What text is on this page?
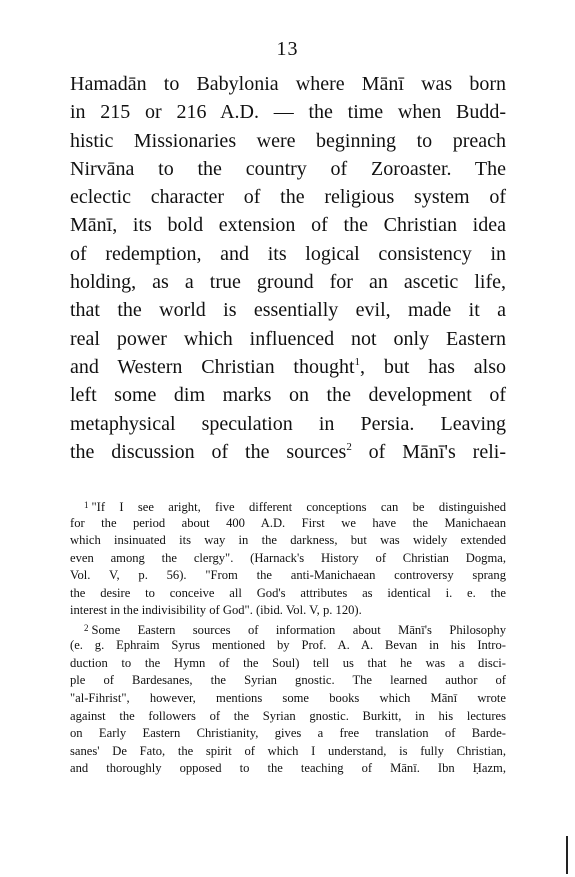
13
Hamadān to Babylonia where Mānī was born
in 215 or 216 A.D. — the time when Budd-
histic Missionaries were beginning to preach
Nirvāna to the country of Zoroaster. The
eclectic character of the religious system of
Mānī, its bold extension of the Christian idea
of redemption, and its logical consistency in
holding, as a true ground for an ascetic life,
that the world is essentially evil, made it a
real power which influenced not only Eastern
and Western Christian thought$^1$, but has also
left some dim marks on the development of
metaphysical speculation in Persia. Leaving
the discussion of the sources$^2$ of Mānī's reli-
$^1$ "If I see aright, five different conceptions can be distinguished
for the period about 400 A.D. First we have the Manichaean
which insinuated its way in the darkness, but was widely extended
even among the clergy". (Harnack's History of Christian Dogma,
Vol. V, p. 56). "From the anti-Manichaean controversy sprang
the desire to conceive all God's attributes as identical i. e. the
interest in the indivisibility of God". (ibid. Vol. V, p. 120).
$^2$ Some Eastern sources of information about Mānī's Philosophy
(e. g. Ephraim Syrus mentioned by Prof. A. A. Bevan in his Intro-
duction to the Hymn of the Soul) tell us that he was a disci-
ple of Bardesanes, the Syrian gnostic. The learned author of
"al-Fihrist", however, mentions some books which Mānī wrote
against the followers of the Syrian gnostic. Burkitt, in his lectures
on Early Eastern Christianity, gives a free translation of Barde-
sanes' De Fato, the spirit of which I understand, is fully Christian,
and thoroughly opposed to the teaching of Mānī. Ibn Ḥazm,
